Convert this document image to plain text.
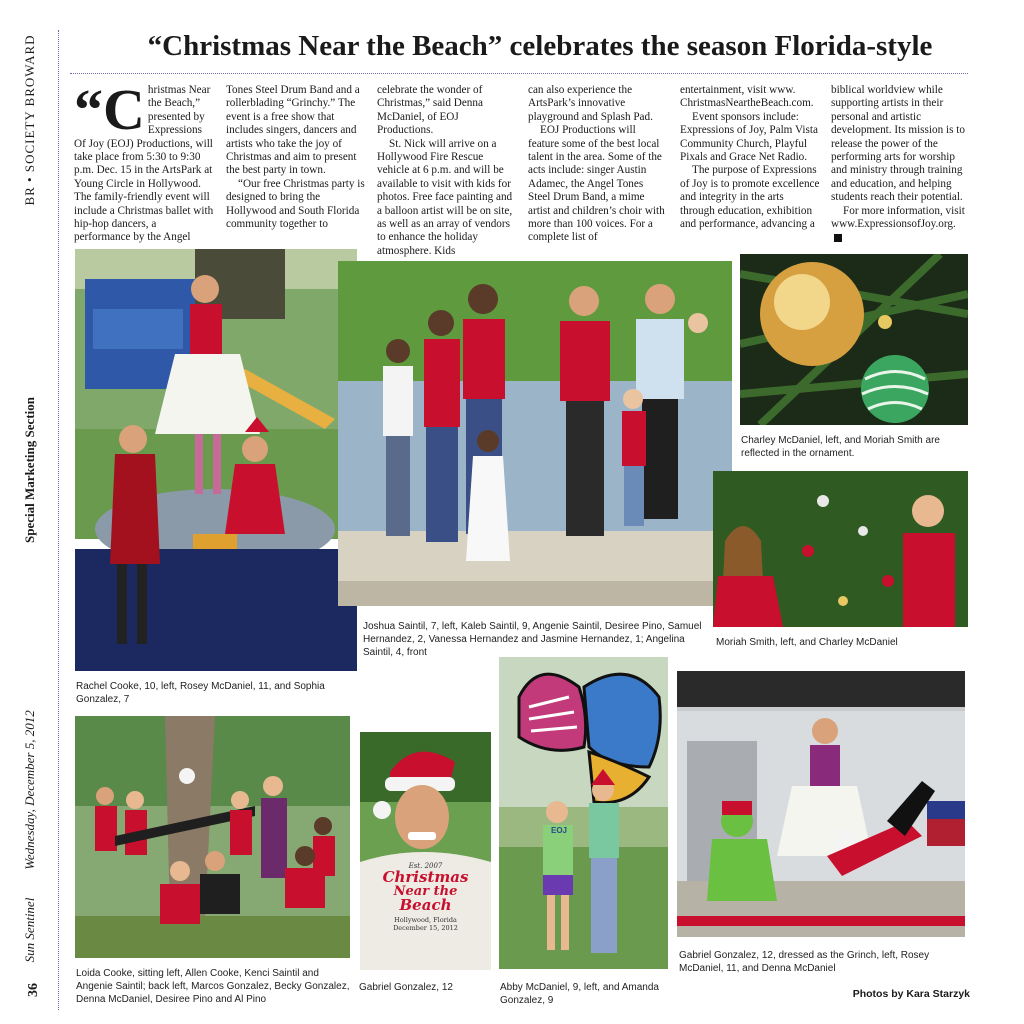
BR • SOCIETY BROWARD
Special Marketing Section
Wednesday, December 5, 2012
Sun Sentinel
36
“Christmas Near the Beach” celebrates the season Florida-style
“C hristmas Near the Beach,” presented by Expressions Of Joy (EOJ) Productions, will take place from 5:30 to 9:30 p.m. Dec. 15 in the ArtsPark at Young Circle in Hollywood. The family-friendly event will include a Christmas ballet with hip-hop dancers, a performance by the Angel

Tones Steel Drum Band and a rollerblading “Grinchy.” The event is a free show that includes singers, dancers and artists who take the joy of Christmas and aim to present the best party in town.

“Our free Christmas party is designed to bring the Hollywood and South Florida community together to

celebrate the wonder of Christmas,” said Denna McDaniel, of EOJ Productions.

St. Nick will arrive on a Hollywood Fire Rescue vehicle at 6 p.m. and will be available to visit with kids for photos. Free face painting and a balloon artist will be on site, as well as an array of vendors to enhance the holiday atmosphere. Kids

can also experience the ArtsPark’s innovative playground and Splash Pad.

EOJ Productions will feature some of the best local talent in the area. Some of the acts include: singer Austin Adamec, the Angel Tones Steel Drum Band, a mime artist and children’s choir with more than 100 voices. For a complete list of

entertainment, visit www. ChristmasNeartheBeach.com.

Event sponsors include: Expressions of Joy, Palm Vista Community Church, Playful Pixals and Grace Net Radio.

The purpose of Expressions of Joy is to promote excellence and integrity in the arts through education, exhibition and performance, advancing a

biblical worldview while supporting artists in their personal and artistic development. Its mission is to release the power of the performing arts for worship and ministry through training and education, and helping students reach their potential.

For more information, visit www.ExpressionsofJoy.org.

Rachel Cooke, 10, left, Rosey McDaniel, 11, and Sophia Gonzalez, 7
Joshua Saintil, 7, left, Kaleb Saintil, 9, Angenie Saintil, Desiree Pino, Samuel Hernandez, 2, Vanessa Hernandez and Jasmine Hernandez, 1; Angelina Saintil, 4, front
Charley McDaniel, left, and Moriah Smith are reflected in the ornament.
Moriah Smith, left, and Charley McDaniel
Loida Cooke, sitting left, Allen Cooke, Kenci Saintil and Angenie Saintil; back left, Marcos Gonzalez, Becky Gonzalez, Denna McDaniel, Desiree Pino and Al Pino
Est. 2007
Christmas
Near the
Beach
Hollywood, Florida
December 15, 2012
Gabriel Gonzalez, 12
EOJ
Abby McDaniel, 9, left, and Amanda Gonzalez, 9
Gabriel Gonzalez, 12, dressed as the Grinch, left, Rosey McDaniel, 11, and Denna McDaniel
Photos by Kara Starzyk
